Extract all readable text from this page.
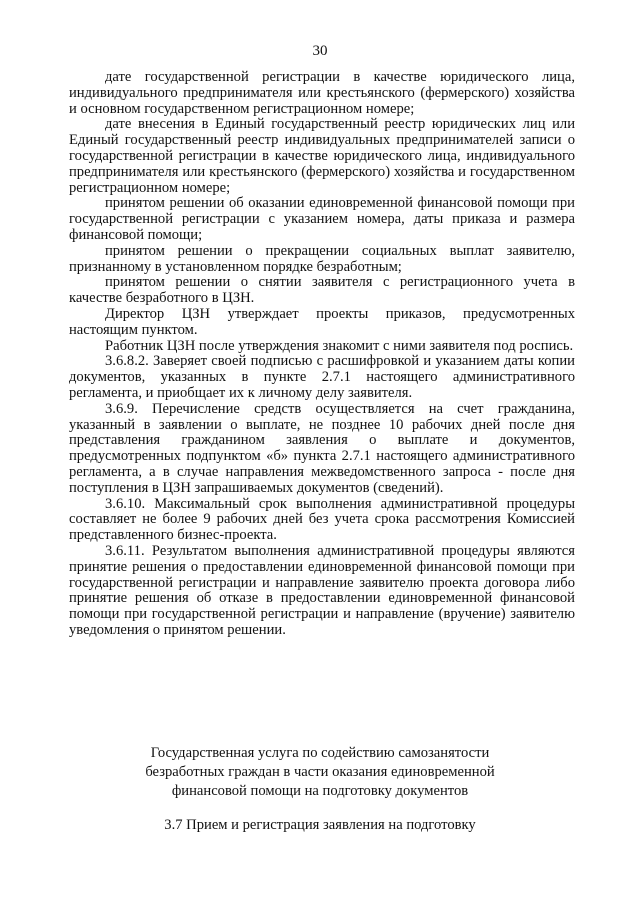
30

дате государственной регистрации в качестве юридического лица, индивидуального предпринимателя или крестьянского (фермерского) хозяйства и основном государственном регистрационном номере;

дате внесения в Единый государственный реестр юридических лиц или Единый государственный реестр индивидуальных предпринимателей записи о государственной регистрации в качестве юридического лица, индивидуального предпринимателя или крестьянского (фермерского) хозяйства и государственном регистрационном номере;

принятом решении об оказании единовременной финансовой помощи при государственной регистрации с указанием номера, даты приказа и размера финансовой помощи;

принятом решении о прекращении социальных выплат заявителю, признанному в установленном порядке безработным;

принятом решении о снятии заявителя с регистрационного учета в качестве безработного в ЦЗН.

Директор ЦЗН утверждает проекты приказов, предусмотренных настоящим пунктом.

Работник ЦЗН после утверждения знакомит с ними заявителя под роспись.

3.6.8.2. Заверяет своей подписью с расшифровкой и указанием даты копии документов, указанных в пункте 2.7.1 настоящего административного регламента, и приобщает их к личному делу заявителя.

3.6.9. Перечисление средств осуществляется на счет гражданина, указанный в заявлении о выплате, не позднее 10 рабочих дней после дня представления гражданином заявления о выплате и документов, предусмотренных подпунктом «б» пункта 2.7.1 настоящего административного регламента, а в случае направления межведомственного запроса - после дня поступления в ЦЗН запрашиваемых документов (сведений).

3.6.10. Максимальный срок выполнения административной процедуры составляет не более 9 рабочих дней без учета срока рассмотрения Комиссией представленного бизнес-проекта.

3.6.11. Результатом выполнения административной процедуры являются принятие решения о предоставлении единовременной финансовой помощи при государственной регистрации и направление заявителю проекта договора либо принятие решения об отказе в предоставлении единовременной финансовой помощи при государственной регистрации и направление (вручение) заявителю уведомления о принятом решении.

Государственная услуга по содействию самозанятости
безработных граждан в части оказания единовременной
финансовой помощи на подготовку документов
3.7 Прием и регистрация заявления на подготовку
